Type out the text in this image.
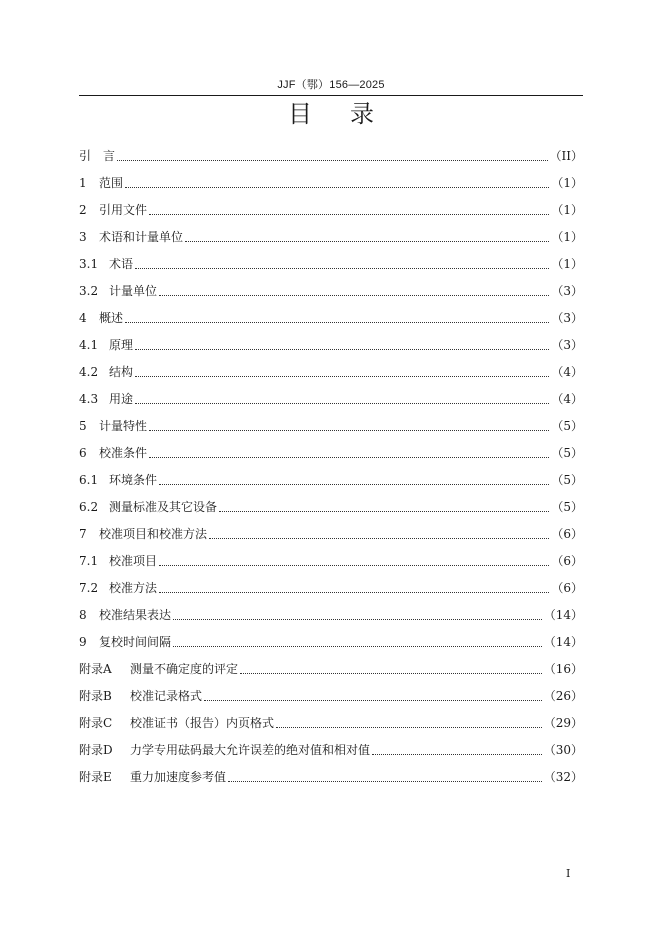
JJF（鄂）156—2025
目录
引　言	（II）
1	范围	（1）
2	引用文件	（1）
3	术语和计量单位	（1）
3.1 术语	（1）
3.2 计量单位	（3）
4	概述	（3）
4.1 原理	（3）
4.2 结构	（4）
4.3 用途	（4）
5	计量特性	（5）
6	校准条件	（5）
6.1 环境条件	（5）
6.2 测量标准及其它设备	（5）
7	校准项目和校准方法	（6）
7.1 校准项目	（6）
7.2 校准方法	（6）
8	校准结果表达	（14）
9	复校时间间隔	（14）
附录A	测量不确定度的评定	（16）
附录B	校准记录格式	（26）
附录C	校准证书（报告）内页格式	（29）
附录D	力学专用砝码最大允许误差的绝对值和相对值	（30）
附录E	重力加速度参考值	（32）
I
